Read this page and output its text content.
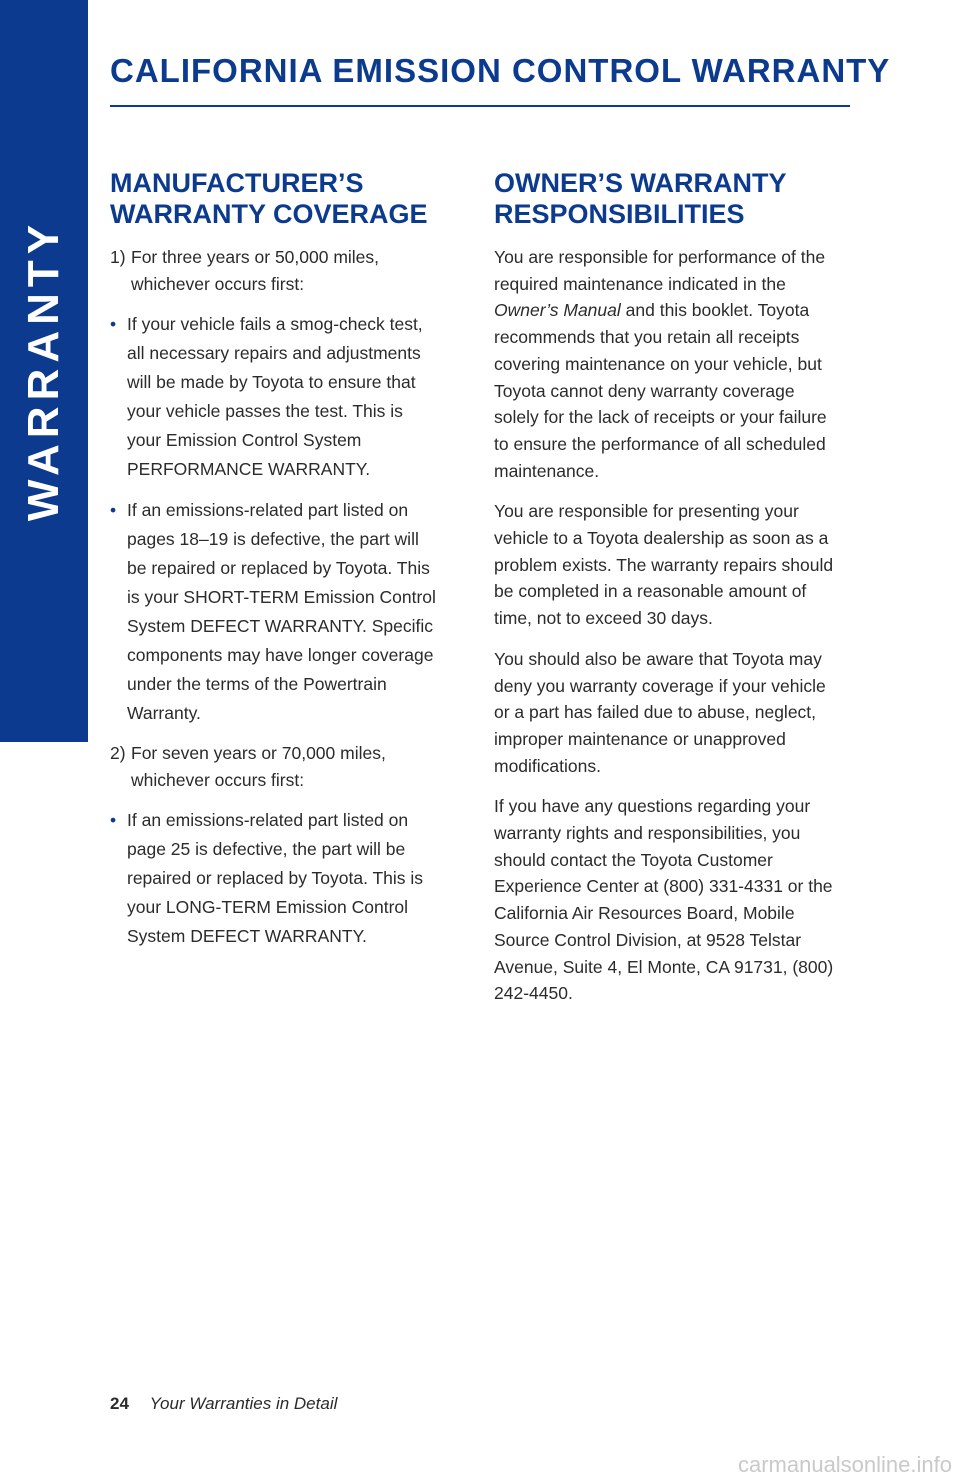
WARRANTY
CALIFORNIA EMISSION CONTROL WARRANTY
MANUFACTURER’S
WARRANTY COVERAGE
1) For three years or 50,000 miles, whichever occurs first:
• If your vehicle fails a smog-check test, all necessary repairs and adjustments will be made by Toyota to ensure that your vehicle passes the test. This is your Emission Control System PERFORMANCE WARRANTY.
• If an emissions-related part listed on pages 18–19 is defective, the part will be repaired or replaced by Toyota. This is your SHORT-TERM Emission Control System DEFECT WARRANTY. Specific components may have longer coverage under the terms of the Powertrain Warranty.
2) For seven years or 70,000 miles, whichever occurs first:
• If an emissions-related part listed on page 25 is defective, the part will be repaired or replaced by Toyota. This is your LONG-TERM Emission Control System DEFECT WARRANTY.
OWNER’S WARRANTY
RESPONSIBILITIES

You are responsible for performance of the required maintenance indicated in the Owner’s Manual and this booklet. Toyota recommends that you retain all receipts covering maintenance on your vehicle, but Toyota cannot deny warranty coverage solely for the lack of receipts or your failure to ensure the performance of all scheduled maintenance.

You are responsible for presenting your vehicle to a Toyota dealership as soon as a problem exists. The warranty repairs should be completed in a reasonable amount of time, not to exceed 30 days.

You should also be aware that Toyota may deny you warranty coverage if your vehicle or a part has failed due to abuse, neglect, improper maintenance or unapproved modifications.

If you have any questions regarding your warranty rights and responsibilities, you should contact the Toyota Customer Experience Center at (800) 331-4331 or the California Air Resources Board, Mobile Source Control Division, at 9528 Telstar Avenue, Suite 4, El Monte, CA 91731, (800) 242-4450.

24 Your Warranties in Detail
carmanualsonline.info
